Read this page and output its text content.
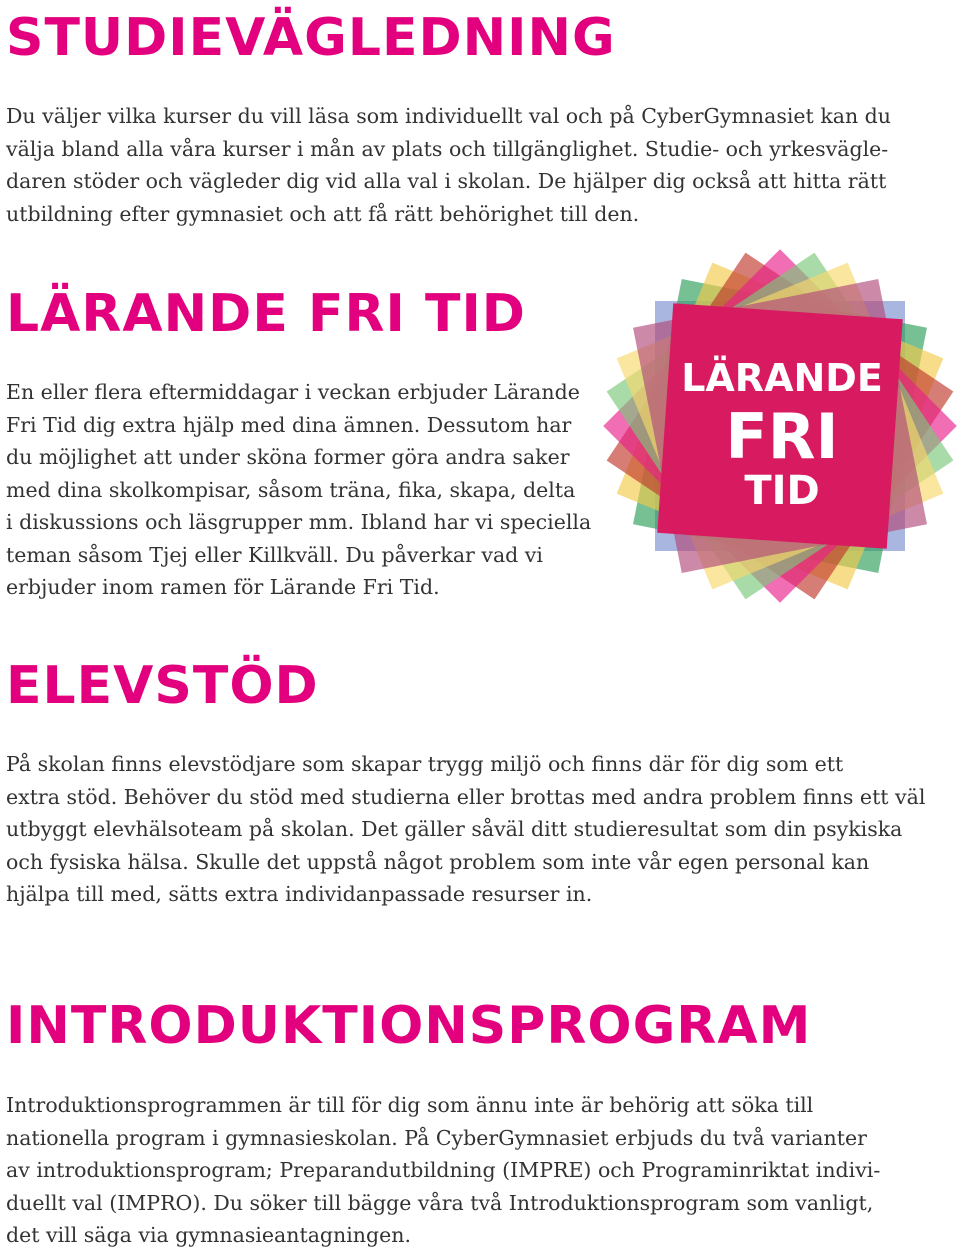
STUDIEVÄGLEDNING
Du väljer vilka kurser du vill läsa som individuellt val och på CyberGymnasiet kan du
välja bland alla våra kurser i mån av plats och tillgänglighet. Studie- och yrkesvägle-
daren stöder och vägleder dig vid alla val i skolan. De hjälper dig också att hitta rätt
utbildning efter gymnasiet och att få rätt behörighet till den.
LÄRANDE FRI TID
En eller flera eftermiddagar i veckan erbjuder Lärande
Fri Tid dig extra hjälp med dina ämnen. Dessutom har
du möjlighet att under sköna former göra andra saker
med dina skolkompisar, såsom träna, fika, skapa, delta
i diskussions och läsgrupper mm. Ibland har vi speciella
teman såsom Tjej eller Killkväll. Du påverkar vad vi
erbjuder inom ramen för Lärande Fri Tid.
LÄRANDE
FRI
TID
ELEVSTÖD
På skolan finns elevstödjare som skapar trygg miljö och finns där för dig som ett
extra stöd. Behöver du stöd med studierna eller brottas med andra problem finns ett väl
utbyggt elevhälsoteam på skolan. Det gäller såväl ditt studieresultat som din psykiska
och fysiska hälsa. Skulle det uppstå något problem som inte vår egen personal kan
hjälpa till med, sätts extra individanpassade resurser in.
INTRODUKTIONSPROGRAM
Introduktionsprogrammen är till för dig som ännu inte är behörig att söka till
nationella program i gymnasieskolan. På CyberGymnasiet erbjuds du två varianter
av introduktionsprogram; Preparandutbildning (IMPRE) och Programinriktat indivi-
duellt val (IMPRO). Du söker till bägge våra två Introduktionsprogram som vanligt,
det vill säga via gymnasieantagningen.
